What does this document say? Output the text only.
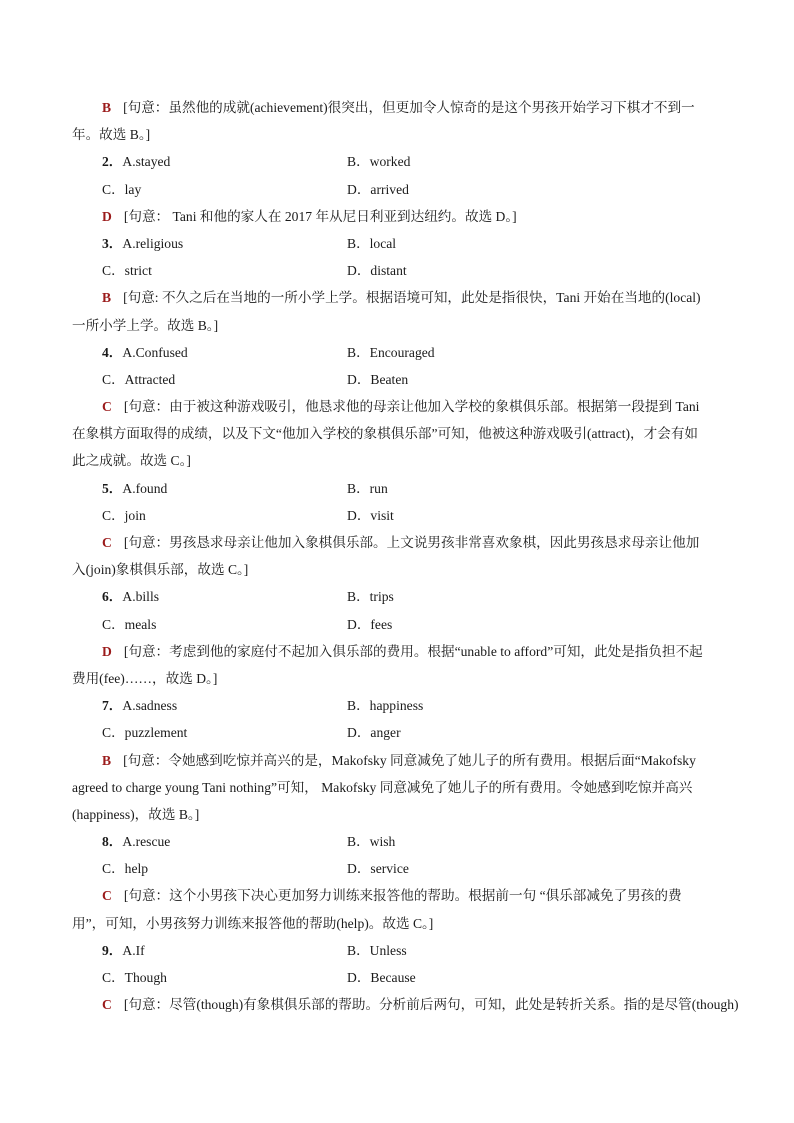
B [句意：虽然他的成就(achievement)很突出，但更加令人惊奇的是这个男孩开始学习下棋才不到一
年。故选 B。]
2．A.stayed	B．worked
C．lay	D．arrived
D [句意： Tani 和他的家人在 2017 年从尼日利亚到达纽约。故选 D。]
3．A.religious	B．local
C．strict	D．distant
B [句意: 不久之后在当地的一所小学上学。根据语境可知，此处是指很快，Tani 开始在当地的(local)
一所小学上学。故选 B。]
4．A.Confused	B．Encouraged
C．Attracted	D．Beaten
C [句意：由于被这种游戏吸引，他恳求他的母亲让他加入学校的象棋俱乐部。根据第一段提到 Tani
在象棋方面取得的成绩，以及下文“他加入学校的象棋俱乐部”可知，他被这种游戏吸引(attract)，才会有如
此之成就。故选 C。]
5．A.found	B．run
C．join	D．visit
C [句意：男孩恳求母亲让他加入象棋俱乐部。上文说男孩非常喜欢象棋，因此男孩恳求母亲让他加
入(join)象棋俱乐部，故选 C。]
6．A.bills	B．trips
C．meals	D．fees
D [句意：考虑到他的家庭付不起加入俱乐部的费用。根据“unable to afford”可知，此处是指负担不起
费用(fee)……，故选 D。]
7．A.sadness	B．happiness
C．puzzlement	D．anger
B [句意：令她感到吃惊并高兴的是，Makofsky 同意减免了她儿子的所有费用。根据后面“Makofsky
agreed to charge young Tani nothing”可知， Makofsky 同意减免了她儿子的所有费用。令她感到吃惊并高兴
(happiness)，故选 B。]
8．A.rescue	B．wish
C．help	D．service
C [句意：这个小男孩下决心更加努力训练来报答他的帮助。根据前一句 “俱乐部减免了男孩的费
用”，可知，小男孩努力训练来报答他的帮助(help)。故选 C。]
9．A.If	B．Unless
C．Though	D．Because
C [句意：尽管(though)有象棋俱乐部的帮助。分析前后两句，可知，此处是转折关系。指的是尽管(though)
